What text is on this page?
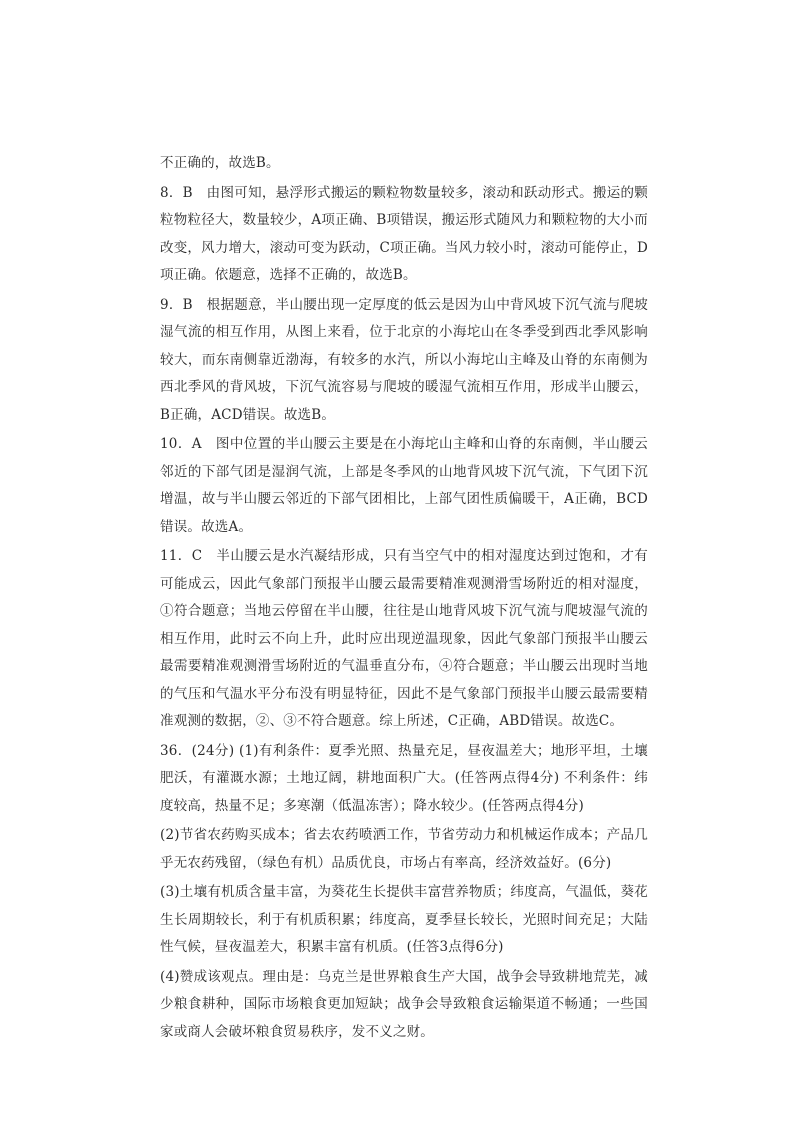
不正确的，故选B。

8．B　由图可知，悬浮形式搬运的颗粒物数量较多，滚动和跃动形式。搬运的颗粒物粒径大，数量较少，A项正确、B项错误，搬运形式随风力和颗粒物的大小而改变，风力增大，滚动可变为跃动，C项正确。当风力较小时，滚动可能停止，D项正确。依题意，选择不正确的，故选B。

9．B　根据题意，半山腰出现一定厚度的低云是因为山中背风坡下沉气流与爬坡湿气流的相互作用，从图上来看，位于北京的小海坨山在冬季受到西北季风影响较大，而东南侧靠近渤海，有较多的水汽，所以小海坨山主峰及山脊的东南侧为西北季风的背风坡，下沉气流容易与爬坡的暖湿气流相互作用，形成半山腰云，B正确，ACD错误。故选B。

10．A　图中位置的半山腰云主要是在小海坨山主峰和山脊的东南侧，半山腰云邻近的下部气团是湿润气流，上部是冬季风的山地背风坡下沉气流，下气团下沉增温，故与半山腰云邻近的下部气团相比，上部气团性质偏暖干，A正确，BCD错误。故选A。

11．C　半山腰云是水汽凝结形成，只有当空气中的相对湿度达到过饱和，才有可能成云，因此气象部门预报半山腰云最需要精准观测滑雪场附近的相对湿度，①符合题意；当地云停留在半山腰，往往是山地背风坡下沉气流与爬坡湿气流的相互作用，此时云不向上升，此时应出现逆温现象，因此气象部门预报半山腰云最需要精准观测滑雪场附近的气温垂直分布，④符合题意；半山腰云出现时当地的气压和气温水平分布没有明显特征，因此不是气象部门预报半山腰云最需要精准观测的数据，②、③不符合题意。综上所述，C正确，ABD错误。故选C。

36．(24分) (1)有利条件：夏季光照、热量充足，昼夜温差大；地形平坦，土壤肥沃，有灌溉水源；土地辽阔，耕地面积广大。(任答两点得4分) 不利条件：纬度较高，热量不足；多寒潮（低温冻害）；降水较少。(任答两点得4分)

(2)节省农药购买成本；省去农药喷洒工作，节省劳动力和机械运作成本；产品几乎无农药残留，（绿色有机）品质优良，市场占有率高，经济效益好。(6分)

(3)土壤有机质含量丰富，为葵花生长提供丰富营养物质；纬度高，气温低，葵花生长周期较长，利于有机质积累；纬度高，夏季昼长较长，光照时间充足；大陆性气候，昼夜温差大，积累丰富有机质。(任答3点得6分)

(4)赞成该观点。理由是：乌克兰是世界粮食生产大国，战争会导致耕地荒芜，减少粮食耕种，国际市场粮食更加短缺；战争会导致粮食运输渠道不畅通；一些国家或商人会破坏粮食贸易秩序，发不义之财。
